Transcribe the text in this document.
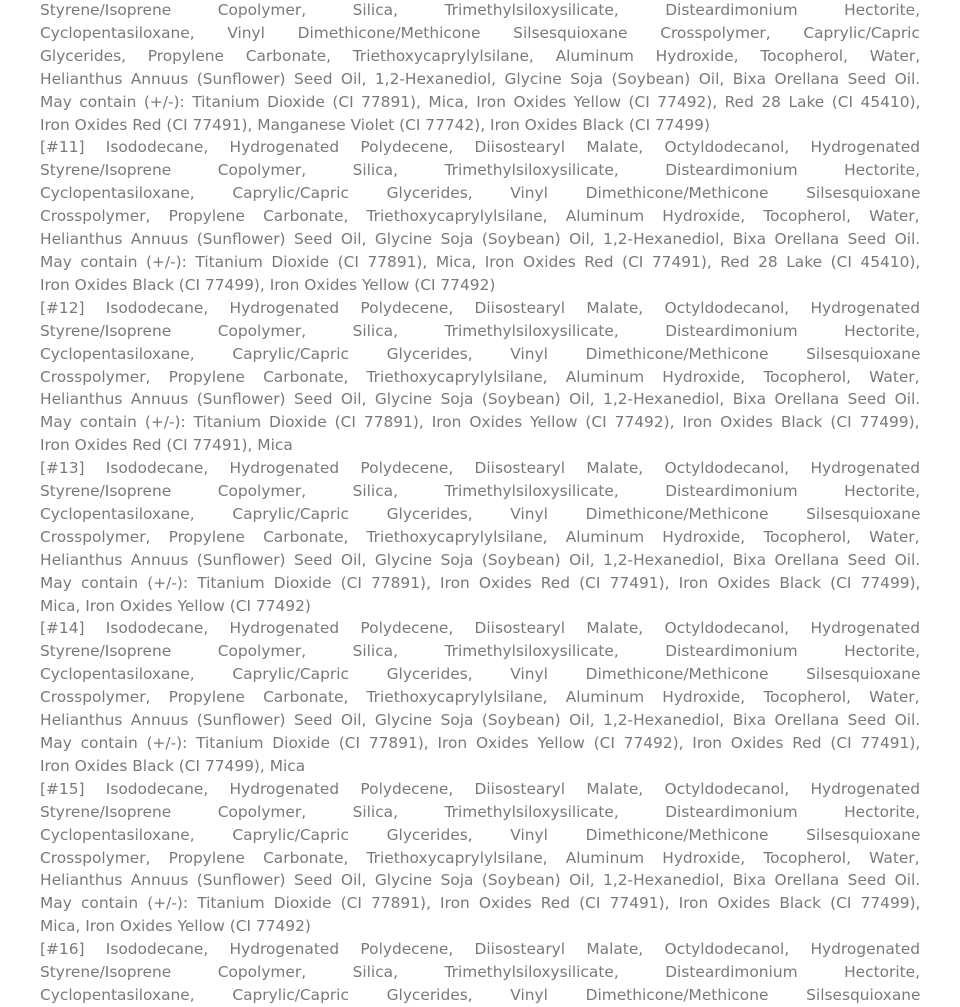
Styrene/Isoprene Copolymer, Silica, Trimethylsiloxysilicate, Disteardimonium Hectorite,
Cyclopentasiloxane, Vinyl Dimethicone/Methicone Silsesquioxane Crosspolymer, Caprylic/Capric
Glycerides, Propylene Carbonate, Triethoxycaprylylsilane, Aluminum Hydroxide, Tocopherol, Water,
Helianthus Annuus (Sunflower) Seed Oil, 1,2-Hexanediol, Glycine Soja (Soybean) Oil, Bixa Orellana Seed Oil.
May contain (+/-): Titanium Dioxide (CI 77891), Mica, Iron Oxides Yellow (CI 77492), Red 28 Lake (CI 45410),
Iron Oxides Red (CI 77491), Manganese Violet (CI 77742), Iron Oxides Black (CI 77499)
[#11] Isododecane, Hydrogenated Polydecene, Diisostearyl Malate, Octyldodecanol, Hydrogenated
Styrene/Isoprene Copolymer, Silica, Trimethylsiloxysilicate, Disteardimonium Hectorite,
Cyclopentasiloxane, Caprylic/Capric Glycerides, Vinyl Dimethicone/Methicone Silsesquioxane
Crosspolymer, Propylene Carbonate, Triethoxycaprylylsilane, Aluminum Hydroxide, Tocopherol, Water,
Helianthus Annuus (Sunflower) Seed Oil, Glycine Soja (Soybean) Oil, 1,2-Hexanediol, Bixa Orellana Seed Oil.
May contain (+/-): Titanium Dioxide (CI 77891), Mica, Iron Oxides Red (CI 77491), Red 28 Lake (CI 45410),
Iron Oxides Black (CI 77499), Iron Oxides Yellow (CI 77492)
[#12] Isododecane, Hydrogenated Polydecene, Diisostearyl Malate, Octyldodecanol, Hydrogenated
Styrene/Isoprene Copolymer, Silica, Trimethylsiloxysilicate, Disteardimonium Hectorite,
Cyclopentasiloxane, Caprylic/Capric Glycerides, Vinyl Dimethicone/Methicone Silsesquioxane
Crosspolymer, Propylene Carbonate, Triethoxycaprylylsilane, Aluminum Hydroxide, Tocopherol, Water,
Helianthus Annuus (Sunflower) Seed Oil, Glycine Soja (Soybean) Oil, 1,2-Hexanediol, Bixa Orellana Seed Oil.
May contain (+/-): Titanium Dioxide (CI 77891), Iron Oxides Yellow (CI 77492), Iron Oxides Black (CI 77499),
Iron Oxides Red (CI 77491), Mica
[#13] Isododecane, Hydrogenated Polydecene, Diisostearyl Malate, Octyldodecanol, Hydrogenated
Styrene/Isoprene Copolymer, Silica, Trimethylsiloxysilicate, Disteardimonium Hectorite,
Cyclopentasiloxane, Caprylic/Capric Glycerides, Vinyl Dimethicone/Methicone Silsesquioxane
Crosspolymer, Propylene Carbonate, Triethoxycaprylylsilane, Aluminum Hydroxide, Tocopherol, Water,
Helianthus Annuus (Sunflower) Seed Oil, Glycine Soja (Soybean) Oil, 1,2-Hexanediol, Bixa Orellana Seed Oil.
May contain (+/-): Titanium Dioxide (CI 77891), Iron Oxides Red (CI 77491), Iron Oxides Black (CI 77499),
Mica, Iron Oxides Yellow (CI 77492)
[#14] Isododecane, Hydrogenated Polydecene, Diisostearyl Malate, Octyldodecanol, Hydrogenated
Styrene/Isoprene Copolymer, Silica, Trimethylsiloxysilicate, Disteardimonium Hectorite,
Cyclopentasiloxane, Caprylic/Capric Glycerides, Vinyl Dimethicone/Methicone Silsesquioxane
Crosspolymer, Propylene Carbonate, Triethoxycaprylylsilane, Aluminum Hydroxide, Tocopherol, Water,
Helianthus Annuus (Sunflower) Seed Oil, Glycine Soja (Soybean) Oil, 1,2-Hexanediol, Bixa Orellana Seed Oil.
May contain (+/-): Titanium Dioxide (CI 77891), Iron Oxides Yellow (CI 77492), Iron Oxides Red (CI 77491),
Iron Oxides Black (CI 77499), Mica
[#15] Isododecane, Hydrogenated Polydecene, Diisostearyl Malate, Octyldodecanol, Hydrogenated
Styrene/Isoprene Copolymer, Silica, Trimethylsiloxysilicate, Disteardimonium Hectorite,
Cyclopentasiloxane, Caprylic/Capric Glycerides, Vinyl Dimethicone/Methicone Silsesquioxane
Crosspolymer, Propylene Carbonate, Triethoxycaprylylsilane, Aluminum Hydroxide, Tocopherol, Water,
Helianthus Annuus (Sunflower) Seed Oil, Glycine Soja (Soybean) Oil, 1,2-Hexanediol, Bixa Orellana Seed Oil.
May contain (+/-): Titanium Dioxide (CI 77891), Iron Oxides Red (CI 77491), Iron Oxides Black (CI 77499),
Mica, Iron Oxides Yellow (CI 77492)
[#16] Isododecane, Hydrogenated Polydecene, Diisostearyl Malate, Octyldodecanol, Hydrogenated
Styrene/Isoprene Copolymer, Silica, Trimethylsiloxysilicate, Disteardimonium Hectorite,
Cyclopentasiloxane, Caprylic/Capric Glycerides, Vinyl Dimethicone/Methicone Silsesquioxane
